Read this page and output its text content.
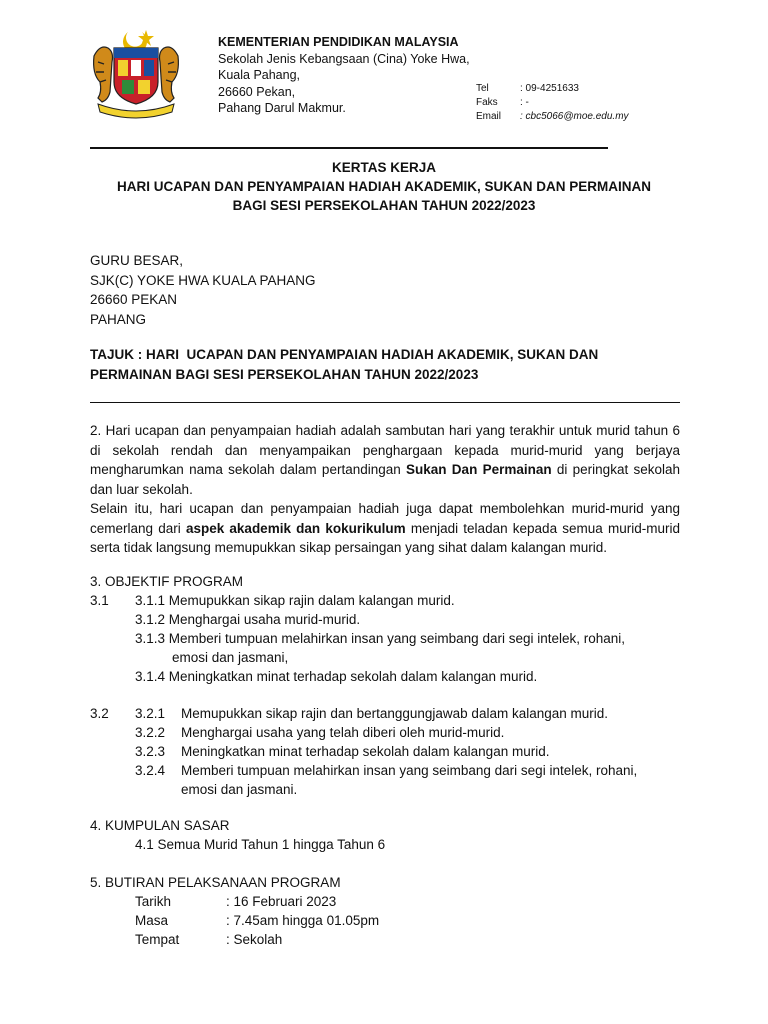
KEMENTERIAN PENDIDIKAN MALAYSIA
Sekolah Jenis Kebangsaan (Cina) Yoke Hwa,
Kuala Pahang,
26660 Pekan,
Pahang Darul Makmur.
Tel	: 09-4251633
Faks	: -
Email	: cbc5066@moe.edu.my
KERTAS KERJA
HARI UCAPAN DAN PENYAMPAIAN HADIAH AKADEMIK, SUKAN DAN PERMAINAN
BAGI SESI PERSEKOLAHAN TAHUN 2022/2023
GURU BESAR,
SJK(C) YOKE HWA KUALA PAHANG
26660 PEKAN
PAHANG
TAJUK : HARI  UCAPAN DAN PENYAMPAIAN HADIAH AKADEMIK, SUKAN DAN
PERMAINAN BAGI SESI PERSEKOLAHAN TAHUN 2022/2023

2. Hari ucapan dan penyampaian hadiah adalah sambutan hari yang terakhir untuk murid tahun 6 di sekolah rendah dan menyampaikan penghargaan kepada murid-murid yang berjaya mengharumkan nama sekolah dalam pertandingan Sukan Dan Permainan di peringkat sekolah dan luar sekolah.

Selain itu, hari ucapan dan penyampaian hadiah juga dapat membolehkan murid-murid yang cemerlang dari aspek akademik dan kokurikulum menjadi teladan kepada semua murid-murid serta tidak langsung memupukkan sikap persaingan yang sihat dalam kalangan murid.

3. OBJEKTIF PROGRAM
3.1 3.1.1 Memupukkan sikap rajin dalam kalangan murid.
3.1.2 Menghargai usaha murid-murid.
3.1.3 Memberi tumpuan melahirkan insan yang seimbang dari segi intelek, rohani,
emosi dan jasmani,
3.1.4 Meningkatkan minat terhadap sekolah dalam kalangan murid.
3.2 3.2.1 Memupukkan sikap rajin dan bertanggungjawab dalam kalangan murid.
3.2.2 Menghargai usaha yang telah diberi oleh murid-murid.
3.2.3 Meningkatkan minat terhadap sekolah dalam kalangan murid.
3.2.4 Memberi tumpuan melahirkan insan yang seimbang dari segi intelek, rohani,
emosi dan jasmani.
4. KUMPULAN SASAR
4.1 Semua Murid Tahun 1 hingga Tahun 6
5. BUTIRAN PELAKSANAAN PROGRAM
Tarikh	: 16 Februari 2023
Masa	: 7.45am hingga 01.05pm
Tempat	: Sekolah
